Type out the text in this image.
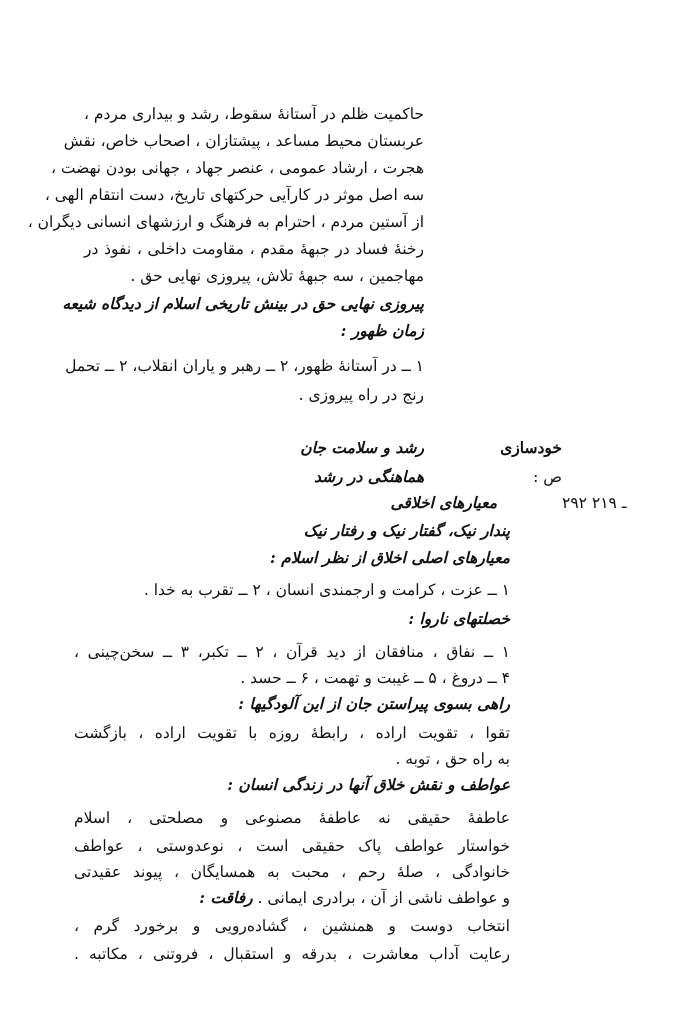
حاکمیت ظلم در آستانه‌ٔ سقوط، رشد و بیداری مردم ،
عربستان محیط مساعد ، پیشتازان ، اصحاب خاص، نقش
هجرت ، ارشاد عمومی ، عنصر جهاد ، جهانی بودن نهضت ،
سه اصل موثر در کارآیی حرکتهای تاریخ، دست انتقام الهی ،
از آستین مردم ، احترام به فرهنگ و ارزشهای انسانی دیگران ،
رخنه‌ٔ فساد در جبهه‌ٔ مقدم ، مقاومت داخلی ، نفوذ در
مهاجمین ، سه جبهه‌ٔ تلاش، پیروزی نهایی حق .
پیروزی نهایی حق در بینش تاریخی اسلام از دیدگاه شیعه
زمان ظهور :
۱ ــ در آستانه‌ٔ ظهور، ۲ ــ رهبر و یاران انقلاب، ۲ ــ تحمل
رنج در راه پیروزی .
خودسازی
رشد و سلامت جان
ص :
هماهنگی در رشد
۲۹۲ ـ ۲۱۹
معیارهای اخلاقی
پندار نیک، گفتار نیک و رفتار نیک
معیارهای اصلی اخلاق از نظر اسلام :
۱ ــ عزت ، کرامت و ارجمندی انسان ، ۲ ــ تقرب به خدا .
خصلتهای ناروا :
۱ ــ نفاق ، منافقان از دید قرآن ، ۲ ــ تکبر، ۳ ــ سخن‌چینی ،
۴ ــ دروغ ، ۵ ــ غیبت و تهمت ، ۶ ــ حسد .
راهی بسوی پیراستن جان از این آلودگیها :
تقوا ، تقویت اراده ، رابطه‌ٔ روزه با تقویت اراده ، بازگشت
به راه حق ، توبه .
عواطف و نقش خلاق آنها در زندگی انسان :
عاطفه‌ٔ حقیقی نه عاطفه‌ٔ مصنوعی و مصلحتی ، اسلام
خواستار عواطف پاک حقیقی است ، نوعدوستی ، عواطف
خانوادگی ، صله‌ٔ رحم ، محبت به همسایگان ، پیوند عقیدتی
و عواطف ناشی از آن ، برادری ایمانی . رفاقت :
انتخاب دوست و همنشین ، گشاده‌رویی و برخورد گرم ،
رعایت آداب معاشرت ، بدرقه و استقبال ، فروتنی ، مکاتبه .
